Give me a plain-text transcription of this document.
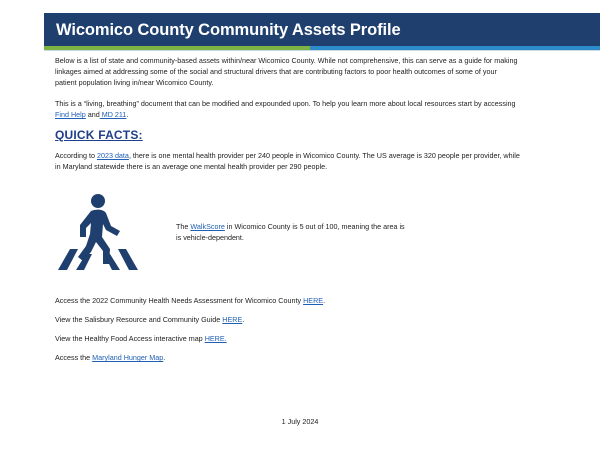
Wicomico County Community Assets Profile
Below is a list of state and community-based assets within/near Wicomico County. While not comprehensive, this can serve as a guide for making
linkages aimed at addressing some of the social and structural drivers that are contributing factors to poor health outcomes of some of your
patient population living in/near Wicomico County.
This is a “living, breathing” document that can be modified and expounded upon. To help you learn more about local resources start by accessing
Find Help and MD 211.
QUICK FACTS:
According to 2023 data, there is one mental health provider per 240 people in Wicomico County. The US average is 320 people per provider, while
in Maryland statewide there is an average one mental health provider per 290 people.
The WalkScore in Wicomico County is 5 out of 100, meaning the area is
is vehicle-dependent.
Access the 2022 Community Health Needs Assessment for Wicomico County HERE.
View the Salisbury Resource and Community Guide HERE.
View the Healthy Food Access interactive map HERE.
Access the Maryland Hunger Map.
1 July 2024
